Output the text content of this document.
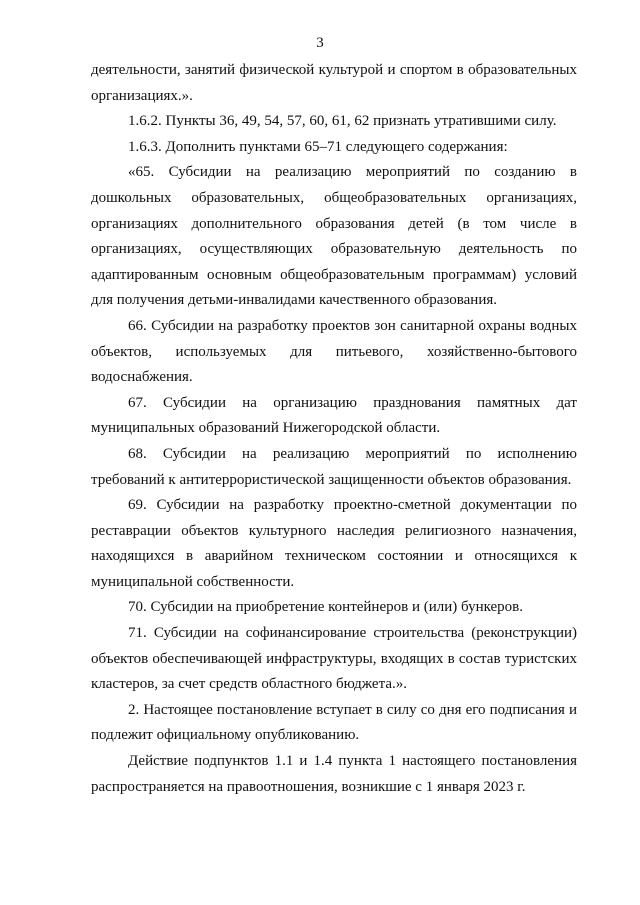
3

деятельности, занятий физической культурой и спортом в образовательных организациях.».

1.6.2. Пункты 36, 49, 54, 57, 60, 61, 62 признать утратившими силу.

1.6.3. Дополнить пунктами 65–71 следующего содержания:

«65. Субсидии на реализацию мероприятий по созданию в дошкольных образовательных, общеобразовательных организациях, организациях дополнительного образования детей (в том числе в организациях, осуществляющих образовательную деятельность по адаптированным основным общеобразовательным программам) условий для получения детьми-инвалидами качественного образования.

66. Субсидии на разработку проектов зон санитарной охраны водных объектов, используемых для питьевого, хозяйственно-бытового водоснабжения.

67. Субсидии на организацию празднования памятных дат муниципальных образований Нижегородской области.

68. Субсидии на реализацию мероприятий по исполнению требований к антитеррористической защищенности объектов образования.

69. Субсидии на разработку проектно-сметной документации по реставрации объектов культурного наследия религиозного назначения, находящихся в аварийном техническом состоянии и относящихся к муниципальной собственности.

70. Субсидии на приобретение контейнеров и (или) бункеров.

71. Субсидии на софинансирование строительства (реконструкции) объектов обеспечивающей инфраструктуры, входящих в состав туристских кластеров, за счет средств областного бюджета.».

2. Настоящее постановление вступает в силу со дня его подписания и подлежит официальному опубликованию.

Действие подпунктов 1.1 и 1.4 пункта 1 настоящего постановления распространяется на правоотношения, возникшие с 1 января 2023 г.
